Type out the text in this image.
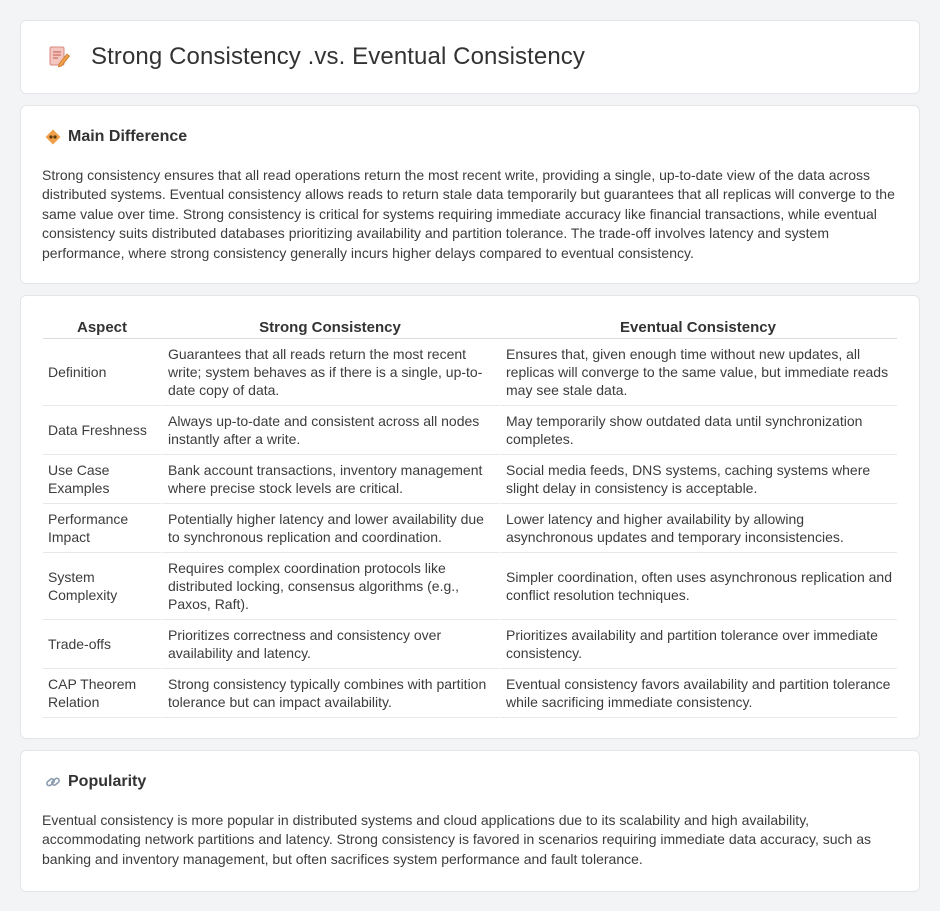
Strong Consistency .vs. Eventual Consistency
Main Difference

Strong consistency ensures that all read operations return the most recent write, providing a single, up-to-date view of the data across distributed systems. Eventual consistency allows reads to return stale data temporarily but guarantees that all replicas will converge to the same value over time. Strong consistency is critical for systems requiring immediate accuracy like financial transactions, while eventual consistency suits distributed databases prioritizing availability and partition tolerance. The trade-off involves latency and system performance, where strong consistency generally incurs higher delays compared to eventual consistency.

Aspect	Strong Consistency	Eventual Consistency
Definition	Guarantees that all reads return the most recent write; system behaves as if there is a single, up-to-date copy of data.	Ensures that, given enough time without new updates, all replicas will converge to the same value, but immediate reads may see stale data.
Data Freshness	Always up-to-date and consistent across all nodes instantly after a write.	May temporarily show outdated data until synchronization completes.
Use Case Examples	Bank account transactions, inventory management where precise stock levels are critical.	Social media feeds, DNS systems, caching systems where slight delay in consistency is acceptable.
Performance Impact	Potentially higher latency and lower availability due to synchronous replication and coordination.	Lower latency and higher availability by allowing asynchronous updates and temporary inconsistencies.
System Complexity	Requires complex coordination protocols like distributed locking, consensus algorithms (e.g., Paxos, Raft).	Simpler coordination, often uses asynchronous replication and conflict resolution techniques.
Trade-offs	Prioritizes correctness and consistency over availability and latency.	Prioritizes availability and partition tolerance over immediate consistency.
CAP Theorem Relation	Strong consistency typically combines with partition tolerance but can impact availability.	Eventual consistency favors availability and partition tolerance while sacrificing immediate consistency.
Popularity

Eventual consistency is more popular in distributed systems and cloud applications due to its scalability and high availability, accommodating network partitions and latency. Strong consistency is favored in scenarios requiring immediate data accuracy, such as banking and inventory management, but often sacrifices system performance and fault tolerance.
